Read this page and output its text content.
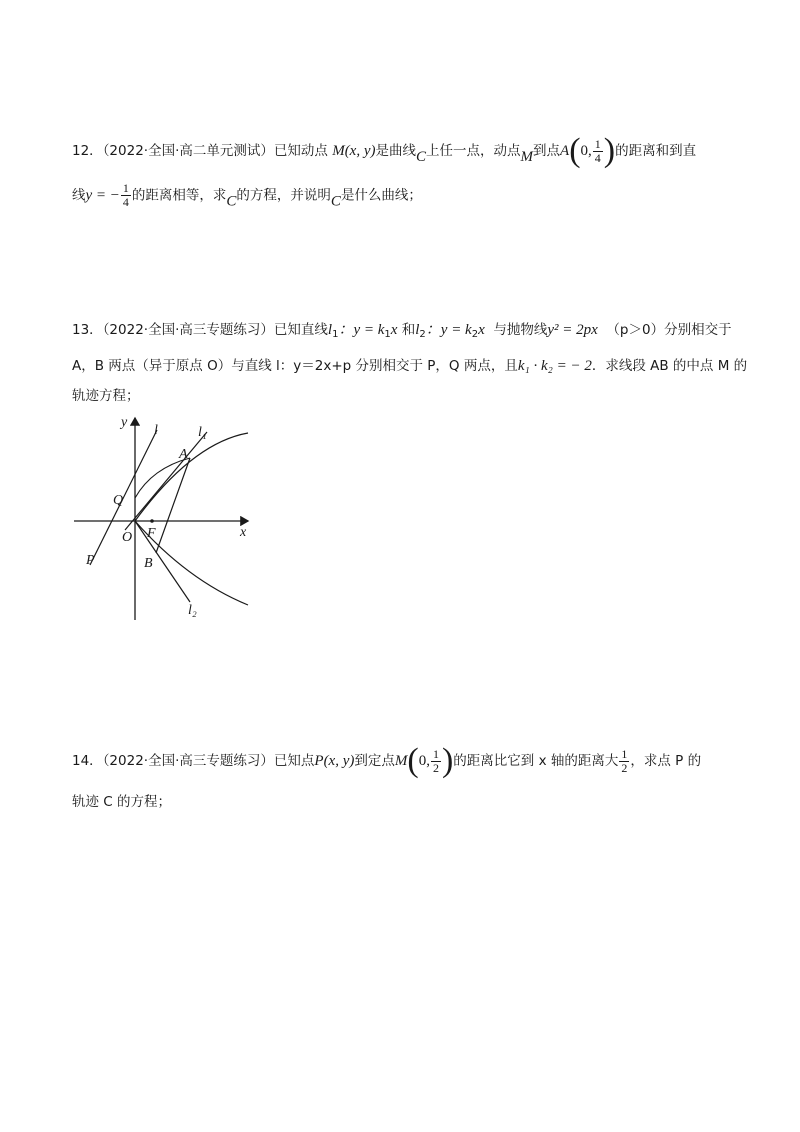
12．（2022·全国·高二单元测试）已知动点 M(x, y)是曲线C上任一点，动点M到点A(0, $\frac{1}{4}$ )的距离和到直
线y = − $\frac{1}{4}$ 的距离相等，求C的方程，并说明C是什么曲线；
13．（2022·全国·高三专题练习）已知直线$l_1$：$y = k_1x$ 和$l_2$：$y = k_2x$ 与抛物线y² = 2px （p＞0）分别相交于
A，B 两点（异于原点 O）与直线 l：y＝2x+p 分别相交于 P，Q 两点，且k₁ · k₂ = − 2．求线段 AB 的中点 M 的
轨迹方程；
y
x
l	l₁
l₂
A
B
Q
O F
P
14．（2022·全国·高三专题练习）已知点P(x, y)到定点M(0, $\frac{1}{2}$ )的距离比它到 x 轴的距离大 $\frac{1}{2}$ ，求点 P 的
轨迹 C 的方程；
